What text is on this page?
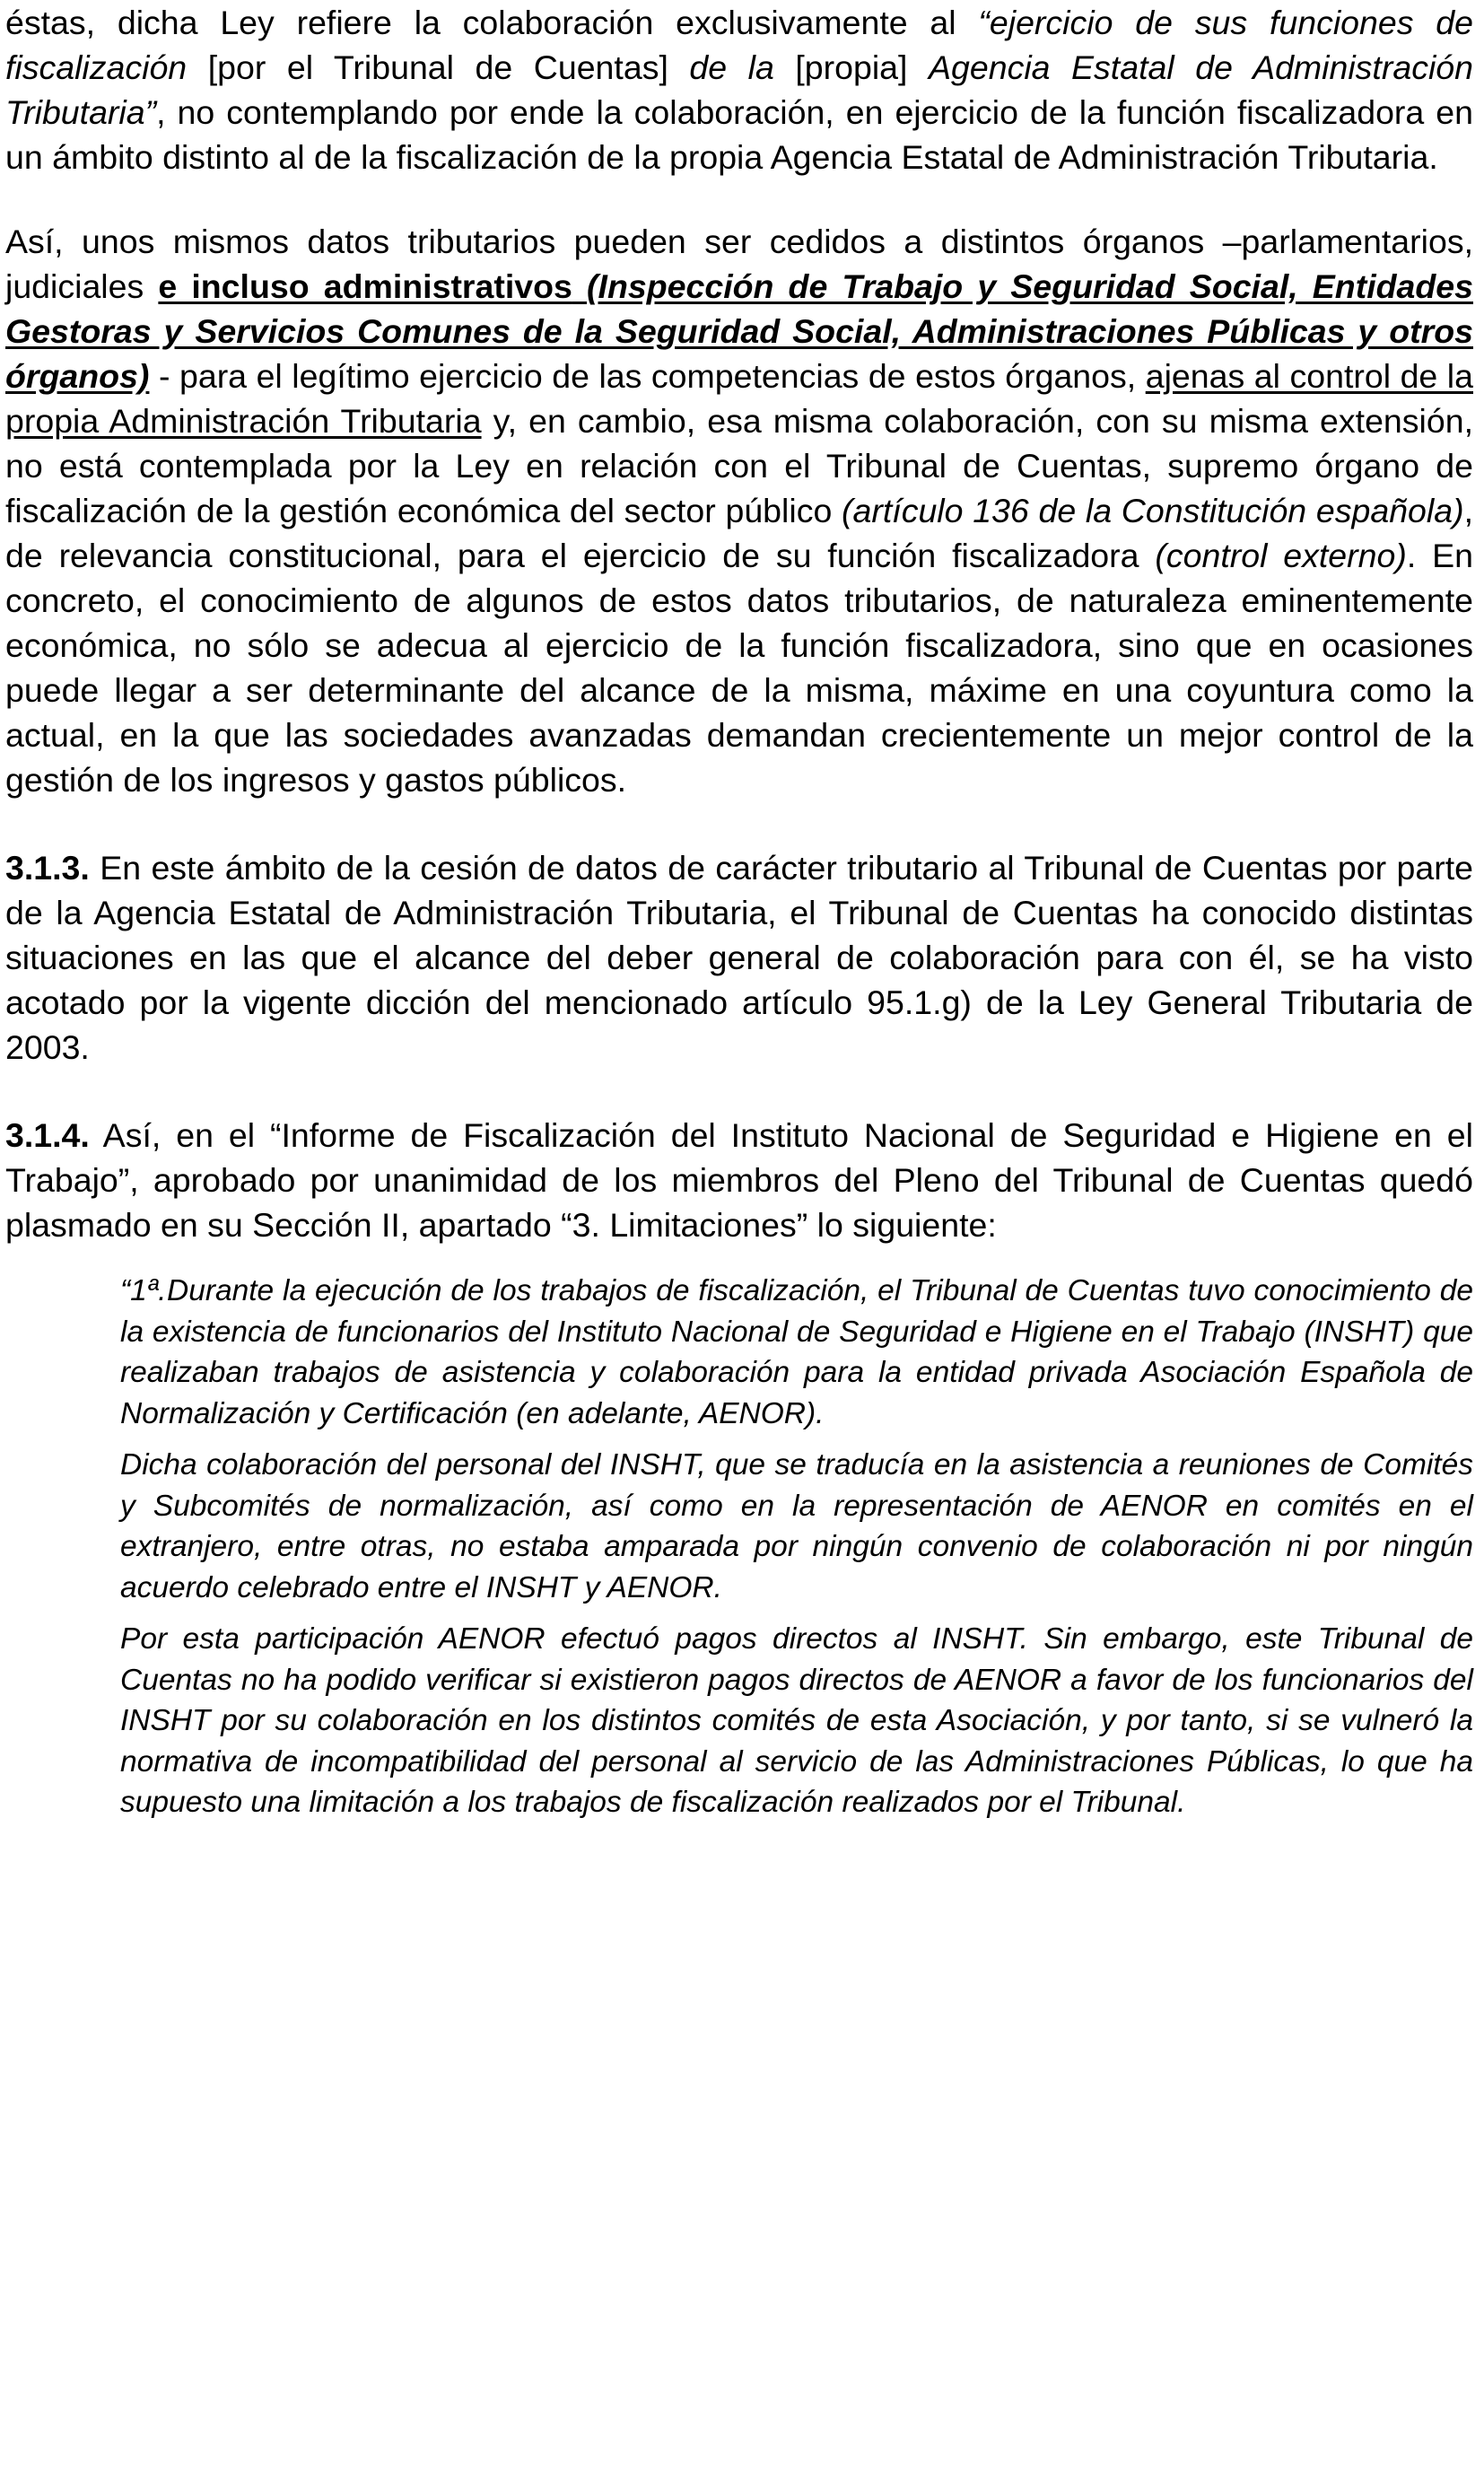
éstas, dicha Ley refiere la colaboración exclusivamente al “ejercicio de sus funciones de fiscalización [por el Tribunal de Cuentas] de la [propia] Agencia Estatal de Administración Tributaria”, no contemplando por ende la colaboración, en ejercicio de la función fiscalizadora en un ámbito distinto al de la fiscalización de la propia Agencia Estatal de Administración Tributaria.

Así, unos mismos datos tributarios pueden ser cedidos a distintos órganos –parlamentarios, judiciales e incluso administrativos (Inspección de Trabajo y Seguridad Social, Entidades Gestoras y Servicios Comunes de la Seguridad Social, Administraciones Públicas y otros órganos) - para el legítimo ejercicio de las competencias de estos órganos, ajenas al control de la propia Administración Tributaria y, en cambio, esa misma colaboración, con su misma extensión, no está contemplada por la Ley en relación con el Tribunal de Cuentas, supremo órgano de fiscalización de la gestión económica del sector público (artículo 136 de la Constitución española), de relevancia constitucional, para el ejercicio de su función fiscalizadora (control externo). En concreto, el conocimiento de algunos de estos datos tributarios, de naturaleza eminentemente económica, no sólo se adecua al ejercicio de la función fiscalizadora, sino que en ocasiones puede llegar a ser determinante del alcance de la misma, máxime en una coyuntura como la actual, en la que las sociedades avanzadas demandan crecientemente un mejor control de la gestión de los ingresos y gastos públicos.

3.1.3. En este ámbito de la cesión de datos de carácter tributario al Tribunal de Cuentas por parte de la Agencia Estatal de Administración Tributaria, el Tribunal de Cuentas ha conocido distintas situaciones en las que el alcance del deber general de colaboración para con él, se ha visto acotado por la vigente dicción del mencionado artículo 95.1.g) de la Ley General Tributaria de 2003.

3.1.4. Así, en el “Informe de Fiscalización del Instituto Nacional de Seguridad e Higiene en el Trabajo”, aprobado por unanimidad de los miembros del Pleno del Tribunal de Cuentas quedó plasmado en su Sección II, apartado “3. Limitaciones” lo siguiente:

“1ª.Durante la ejecución de los trabajos de fiscalización, el Tribunal de Cuentas tuvo conocimiento de la existencia de funcionarios del Instituto Nacional de Seguridad e Higiene en el Trabajo (INSHT) que realizaban trabajos de asistencia y colaboración para la entidad privada Asociación Española de Normalización y Certificación (en adelante, AENOR).

Dicha colaboración del personal del INSHT, que se traducía en la asistencia a reuniones de Comités y Subcomités de normalización, así como en la representación de AENOR en comités en el extranjero, entre otras, no estaba amparada por ningún convenio de colaboración ni por ningún acuerdo celebrado entre el INSHT y AENOR.

Por esta participación AENOR efectuó pagos directos al INSHT. Sin embargo, este Tribunal de Cuentas no ha podido verificar si existieron pagos directos de AENOR a favor de los funcionarios del INSHT por su colaboración en los distintos comités de esta Asociación, y por tanto, si se vulneró la normativa de incompatibilidad del personal al servicio de las Administraciones Públicas, lo que ha supuesto una limitación a los trabajos de fiscalización realizados por el Tribunal.
